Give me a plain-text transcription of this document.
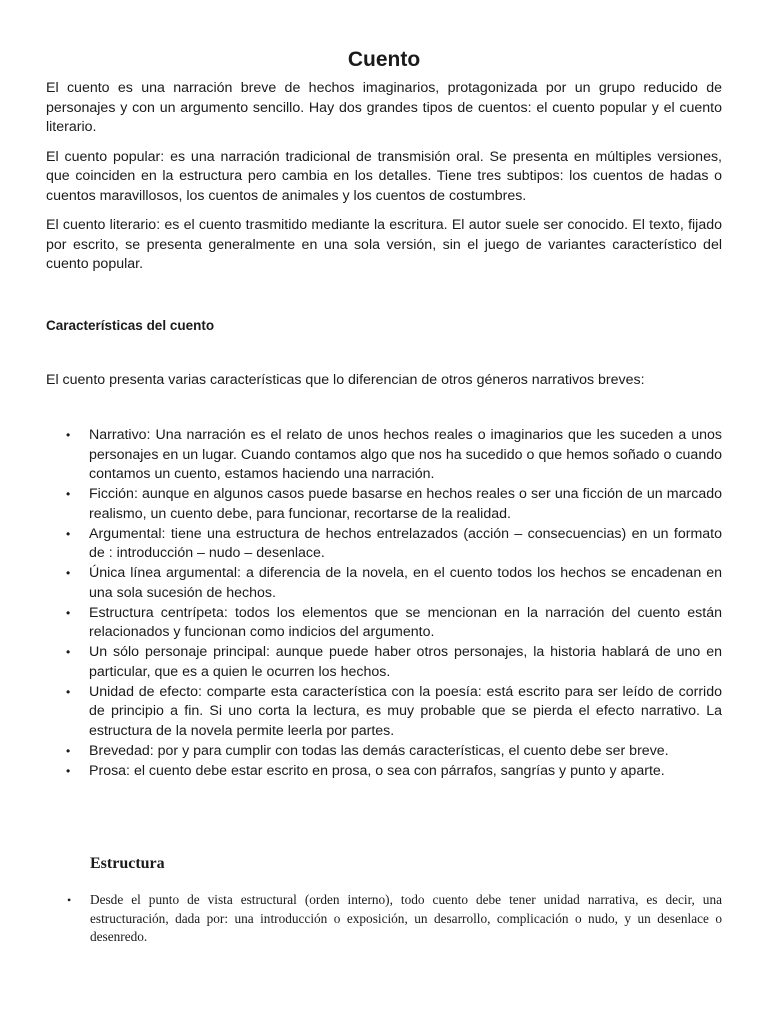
Cuento

El cuento es una narración breve de hechos imaginarios, protagonizada por un grupo reducido de personajes y con un argumento sencillo. Hay dos grandes tipos de cuentos: el cuento popular y el cuento literario.

El cuento popular: es una narración tradicional de transmisión oral. Se presenta en múltiples versiones, que coinciden en la estructura pero cambia en los detalles. Tiene tres subtipos: los cuentos de hadas o cuentos maravillosos, los cuentos de animales y los cuentos de costumbres.

El cuento literario: es el cuento trasmitido mediante la escritura. El autor suele ser conocido. El texto, fijado por escrito, se presenta generalmente en una sola versión, sin el juego de variantes característico del cuento popular.

Características del cuento

El cuento presenta varias características que lo diferencian de otros géneros narrativos breves:

• Narrativo: Una narración es el relato de unos hechos reales o imaginarios que les suceden a unos personajes en un lugar. Cuando contamos algo que nos ha sucedido o que hemos soñado o cuando contamos un cuento, estamos haciendo una narración.
• Ficción: aunque en algunos casos puede basarse en hechos reales o ser una ficción de un marcado realismo, un cuento debe, para funcionar, recortarse de la realidad.
• Argumental: tiene una estructura de hechos entrelazados (acción – consecuencias) en un formato de : introducción – nudo – desenlace.
• Única línea argumental: a diferencia de la novela, en el cuento todos los hechos se encadenan en una sola sucesión de hechos.
• Estructura centrípeta: todos los elementos que se mencionan en la narración del cuento están relacionados y funcionan como indicios del argumento.
• Un sólo personaje principal: aunque puede haber otros personajes, la historia hablará de uno en particular, que es a quien le ocurren los hechos.
• Unidad de efecto: comparte esta característica con la poesía: está escrito para ser leído de corrido de principio a fin. Si uno corta la lectura, es muy probable que se pierda el efecto narrativo. La estructura de la novela permite leerla por partes.
• Brevedad: por y para cumplir con todas las demás características, el cuento debe ser breve.
• Prosa: el cuento debe estar escrito en prosa, o sea con párrafos, sangrías y punto y aparte.
Estructura
• Desde el punto de vista estructural (orden interno), todo cuento debe tener unidad narrativa, es decir, una estructuración, dada por: una introducción o exposición, un desarrollo, complicación o nudo, y un desenlace o desenredo.
